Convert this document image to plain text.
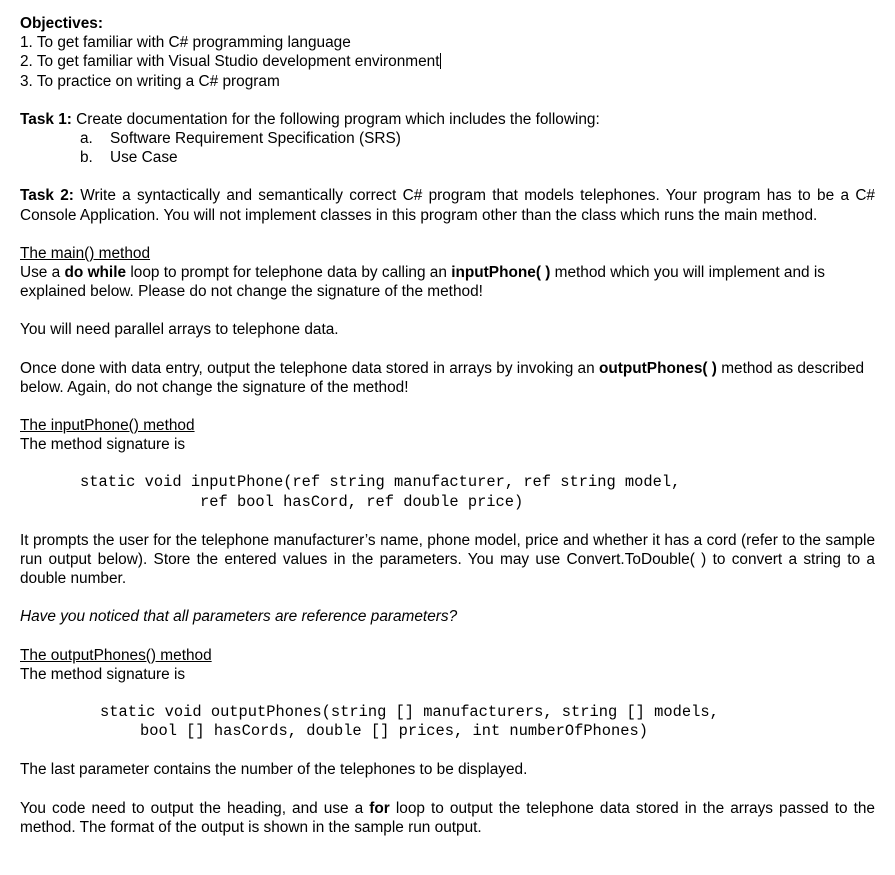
Objectives:

1. To get familiar with C# programming language

2. To get familiar with Visual Studio development environment

3. To practice on writing a C# program

Task 1: Create documentation for the following program which includes the following:

a.	Software Requirement Specification (SRS)
b.	Use Case

Task 2: Write a syntactically and semantically correct C# program that models telephones. Your program has to be a C# Console Application. You will not implement classes in this program other than the class which runs the main method.

The main() method

Use a do while loop to prompt for telephone data by calling an inputPhone( ) method which you will implement and is explained below. Please do not change the signature of the method!

You will need parallel arrays to telephone data.

Once done with data entry, output the telephone data stored in arrays by invoking an outputPhones( ) method as described below. Again, do not change the signature of the method!

The inputPhone() method

The method signature is

static void inputPhone(ref string manufacturer, ref string model,
ref bool hasCord, ref double price)

It prompts the user for the telephone manufacturer’s name, phone model, price and whether it has a cord (refer to the sample run output below). Store the entered values in the parameters. You may use Convert.ToDouble( ) to convert a string to a double number.

Have you noticed that all parameters are reference parameters?

The outputPhones() method

The method signature is

static void outputPhones(string [] manufacturers, string [] models,
bool [] hasCords, double [] prices, int numberOfPhones)

The last parameter contains the number of the telephones to be displayed.

You code need to output the heading, and use a for loop to output the telephone data stored in the arrays passed to the method. The format of the output is shown in the sample run output.
